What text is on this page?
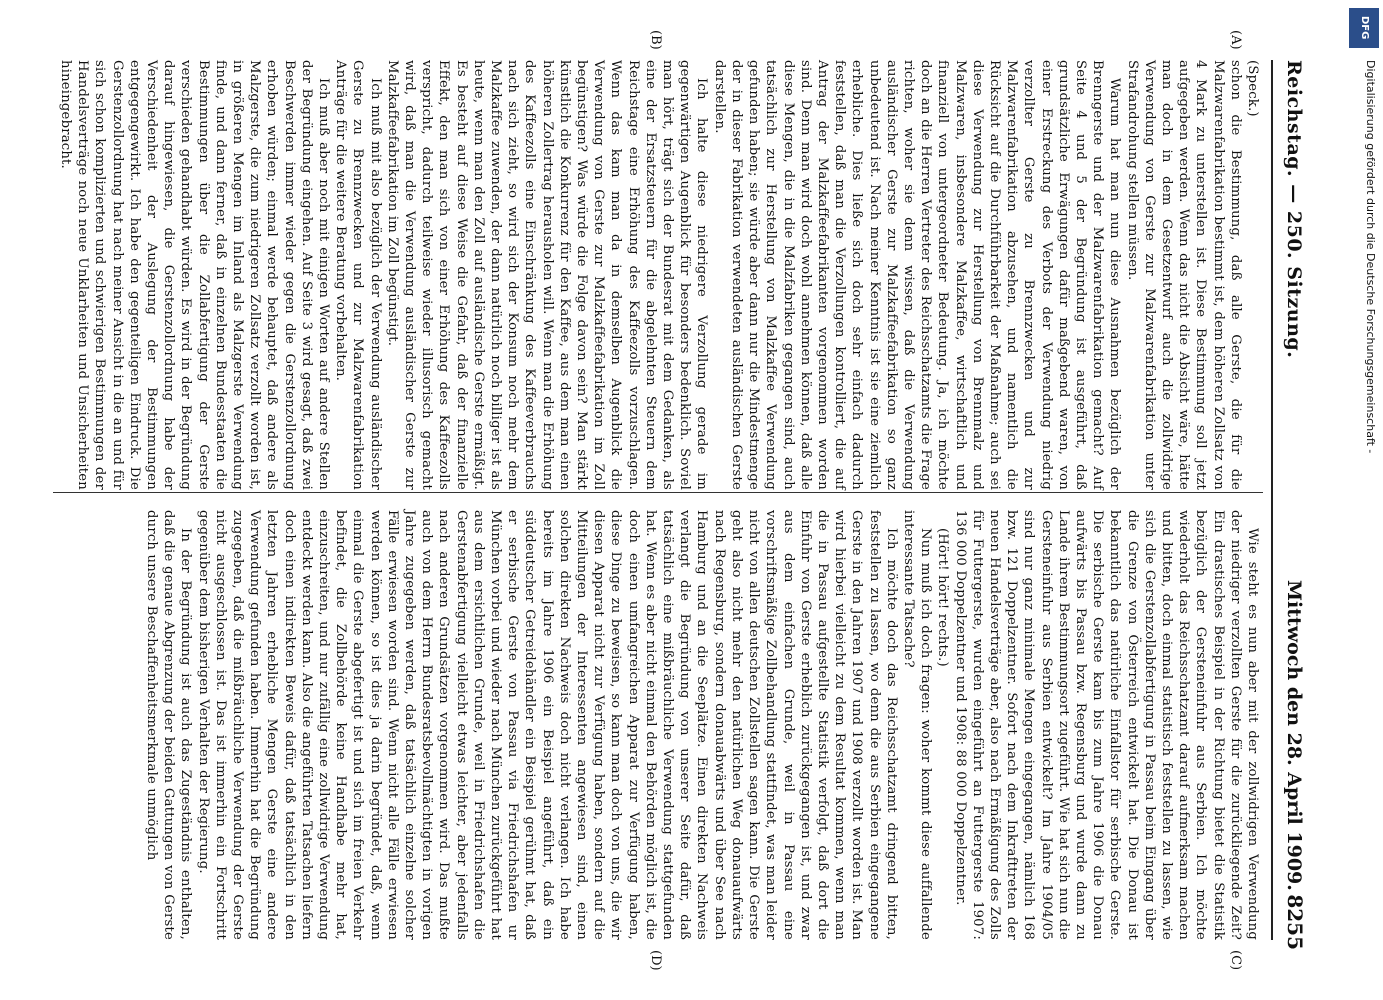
Reichstag. — 250. Sitzung.
Mittwoch den 28. April 1909.
8255
(A)
(B)
(C)
(D)

(Speck.)

schon die Bestimmung, daß alle Gerste, die für die Malzwarenfabrikation bestimmt ist, dem höheren Zollsatz von 4 Mark zu unterstellen ist. Diese Bestimmung soll jetzt aufgegeben werden. Wenn das nicht die Absicht wäre, hätte man doch in dem Gesetzentwurf auch die zollwidrige Verwendung von Gerste zur Malzwarenfabrikation unter Strafandrohung stellen müssen.

Warum hat man nun diese Ausnahmen bezüglich der Brenngerste und der Malzwarenfabrikation gemacht? Auf Seite 4 und 5 der Begründung ist ausgeführt, daß grundsätzliche Erwägungen dafür maßgebend waren, von einer Erstreckung des Verbots der Verwendung niedrig verzollter Gerste zu Brennzwecken und zur Malzwarenfabrikation abzusehen, und namentlich die Rücksicht auf die Durchführbarkeit der Maßnahme; auch sei diese Verwendung zur Herstellung von Brennmalz und Malzwaren, insbesondere Malzkaffee, wirtschaftlich und finanziell von untergeordneter Bedeutung. Ja, ich möchte doch an die Herren Vertreter des Reichsschatzamts die Frage richten, woher sie denn wissen, daß die Verwendung ausländischer Gerste zur Malzkaffeefabrikation so ganz unbedeutend ist. Nach meiner Kenntnis ist sie eine ziemlich erhebliche. Dies ließe sich doch sehr einfach dadurch feststellen, daß man die Verzollungen kontrolliert, die auf Antrag der Malzkaffeefabrikanten vorgenommen worden sind. Denn man wird doch wohl annehmen können, daß alle diese Mengen, die in die Malzfabriken gegangen sind, auch tatsächlich zur Herstellung von Malzkaffee Verwendung gefunden haben; sie würde aber dann nur die Mindestmenge der in dieser Fabrikation verwendeten ausländischen Gerste darstellen.

Ich halte diese niedrigere Verzollung gerade im gegenwärtigen Augenblick für besonders bedenklich. Soviel man hört, trägt sich der Bundesrat mit dem Gedanken, als eine der Ersatzsteuern für die abgelehnten Steuern dem Reichstage eine Erhöhung des Kaffeezolls vorzuschlagen. Wenn das kam man da in demselben Augenblick die Verwendung von Gerste zur Malzkaffeefabrikation im Zoll begünstigen? Was würde die Folge davon sein? Man stärkt künstlich die Konkurrenz für den Kaffee, aus dem man einen höheren Zollertrag herausholen will. Wenn man die Erhöhung des Kaffeezolls eine Einschränkung des Kaffeeverbrauchs nach sich zieht, so wird sich der Konsum noch mehr dem Malzkaffee zuwenden, der dann natürlich noch billiger ist als heute, wenn man den Zoll auf ausländische Gerste ermäßigt. Es besteht auf diese Weise die Gefahr, daß der finanzielle Effekt, den man sich von einer Erhöhung des Kaffeezolls verspricht, dadurch teilweise wieder illusorisch gemacht wird, daß man die Verwendung ausländischer Gerste zur Malzkaffeefabrikation im Zoll begünstigt.

Ich muß mit also bezüglich der Verwendung ausländischer Gerste zu Brennzwecken und zur Malzwarenfabrikation Anträge für die weitere Beratung vorbehalten.

Ich muß aber noch mit einigen Worten auf andere Stellen der Begründung eingehen. Auf Seite 3 wird gesagt, daß zwei Beschwerden immer wieder gegen die Gerstenzollordnung erhoben würden; einmal werde behauptet, daß andere als Malzgerste, die zum niedrigeren Zollsatz verzollt worden ist, in größeren Mengen im Inland als Malzgerste Verwendung finde, und dann ferner, daß in einzelnen Bundesstaaten die Bestimmungen über die Zollabfertigung der Gerste verschieden gehandhabt würden. Es wird in der Begründung darauf hingewiesen, die Gerstenzollordnung habe der Verschiedenheit der Auslegung der Bestimmungen entgegengewirkt. Ich habe den gegenteiligen Eindruck. Die Gerstenzollordnung hat nach meiner Ansicht in die an und für sich schon komplizierten und schwierigen Bestimmungen der Handelsverträge noch neue Unklarheiten und Unsicherheiten hineingebracht.

Wie steht es nun aber mit der zollwidrigen Verwendung der niedriger verzollten Gerste für die zurückliegende Zeit? Ein drastisches Beispiel in der Richtung bietet die Statistik bezüglich der Gersteneinfuhr aus Serbien. Ich möchte wiederholt das Reichsschatzamt darauf aufmerksam machen und bitten, doch einmal statistisch feststellen zu lassen, wie sich die Gerstenzollabfertigung in Passau beim Eingang über die Grenze von Österreich entwickelt hat. Die Donau ist bekanntlich das natürliche Einfallstor für serbische Gerste. Die serbische Gerste kam bis zum Jahre 1906 die Donau aufwärts bis Passau bzw. Regensburg und wurde dann zu Lande ihrem Bestimmungsort zugeführt. Wie hat sich nun die Gersteneinfuhr aus Serbien entwickelt? Im Jahre 1904/05 sind nur ganz minimale Mengen eingegangen, nämlich 168 bzw. 121 Doppelzentner. Sofort nach dem Inkrafttreten der neuen Handelsverträge aber, also nach Ermäßigung des Zolls für Futtergerste, wurden eingeführt an Futtergerste 1907: 136 000 Doppelzentner und 1908: 88 000 Doppelzentner.

(Hört! hört! rechts.)

Nun muß ich doch fragen: woher kommt diese auffallende interessante Tatsache?

Ich möchte doch das Reichsschatzamt dringend bitten, feststellen zu lassen, wo denn die aus Serbien eingegangene Gerste in den Jahren 1907 und 1908 verzollt worden ist. Man wird hierbei vielleicht zu dem Resultat kommen, wenn man die in Passau aufgestellte Statistik verfolgt, daß dort die Einfuhr von Gerste erheblich zurückgegangen ist, und zwar aus dem einfachen Grunde, weil in Passau eine vorschriftsmäßige Zollbehandlung stattfindet, was man leider nicht von allen deutschen Zollstellen sagen kann. Die Gerste geht also nicht mehr den natürlichen Weg donauaufwärts nach Regensburg, sondern donauabwärts und über See nach Hamburg und an die Seeplätze. Einen direkten Nachweis verlangt die Begründung von unserer Seite dafür, daß tatsächlich eine mißbräuchliche Verwendung stattgefunden hat. Wenn es aber nicht einmal den Behörden möglich ist, die doch einen umfangreichen Apparat zur Verfügung haben, diese Dinge zu beweisen, so kann man doch von uns, die wir diesen Apparat nicht zur Verfügung haben, sondern auf die Mitteilungen der Interessenten angewiesen sind, einen solchen direkten Nachweis doch nicht verlangen. Ich habe bereits im Jahre 1906 ein Beispiel angeführt, daß ein süddeutscher Getreidehändler ein Beispiel gerühmt hat, daß er serbische Gerste von Passau via Friedrichshafen ur München vorbei und wieder nach München zurückgeführt hat aus dem ersichtlichen Grunde, weil in Friedrichshafen die Gerstenabfertigung vielleicht etwas leichter, aber jedenfalls nach anderen Grundsätzen vorgenommen wird. Das mußte auch von dem Herrn Bundesratsbevollmächtigten in vorigen Jahre zugegeben werden, daß tatsächlich einzelne solcher Fälle erwiesen worden sind. Wenn nicht alle Fälle erwiesen werden können, so ist dies ja darin begründet, daß, wenn einmal die Gerste abgefertigt ist und sich im freien Verkehr befindet, die Zollbehörde keine Handhabe mehr hat, einzuschreiten, und nur zufällig eine zollwidrige Verwendung entdeckt werden kann. Also die angeführten Tatsachen liefern doch einen indirekten Beweis dafür, daß tatsächlich in den letzten Jahren erhebliche Mengen Gerste eine andere Verwendung gefunden haben. Immerhin hat die Begründung zugegeben, daß die mißbräuchliche Verwendung der Gerste nicht ausgeschlossen ist. Das ist immerhin ein Fortschritt gegenüber dem bisherigen Verhalten der Regierung.

In der Begründung ist auch das Zugeständnis enthalten, daß die genaue Abgrenzung der beiden Gattungen von Gerste durch unsere Beschaffenheitsmerkmale unmöglich

DFG
Digitalisierung gefördert durch die Deutsche Forschungsgemeinschaft -
